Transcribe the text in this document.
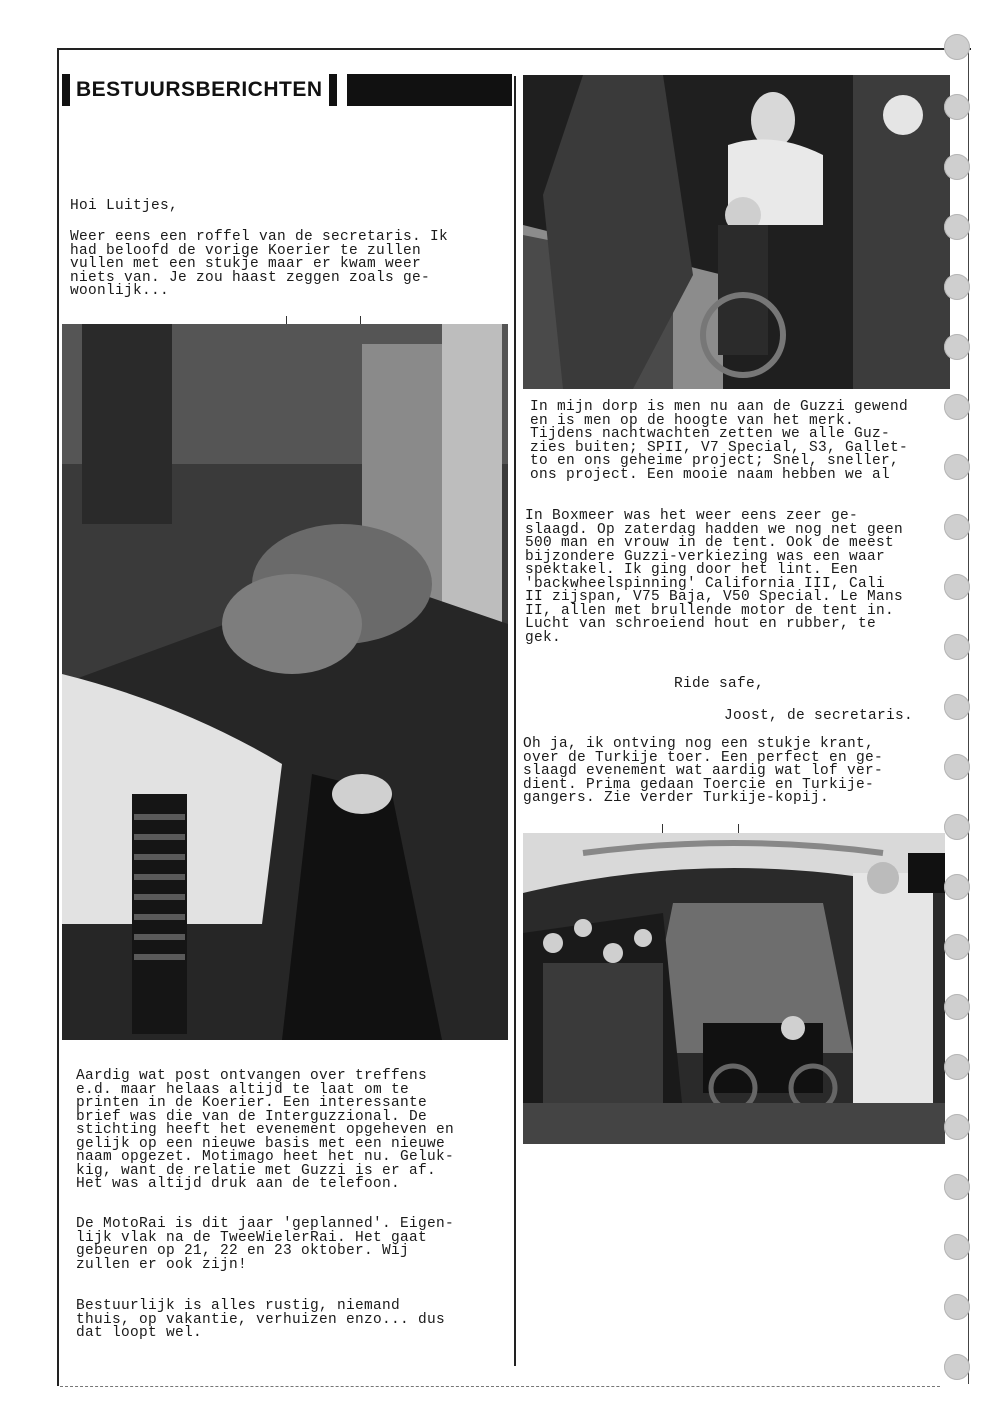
BESTUURSBERICHTEN

Hoi Luitjes,

Weer eens een roffel van de secretaris. Ik
had beloofd de vorige Koerier te zullen
vullen met een stukje maar er kwam weer
niets van. Je zou haast zeggen zoals ge-
woonlijk...

Aardig wat post ontvangen over treffens
e.d. maar helaas altijd te laat om te
printen in de Koerier. Een interessante
brief was die van de Interguzzional. De
stichting heeft het evenement opgeheven en
gelijk op een nieuwe basis met een nieuwe
naam opgezet. Motimago heet het nu. Geluk-
kig, want de relatie met Guzzi is er af.
Het was altijd druk aan de telefoon.

De MotoRai is dit jaar 'geplanned'. Eigen-
lijk vlak na de TweeWielerRai. Het gaat
gebeuren op 21, 22 en 23 oktober. Wij
zullen er ook zijn!

Bestuurlijk is alles rustig, niemand
thuis, op vakantie, verhuizen enzo... dus
dat loopt wel.

In mijn dorp is men nu aan de Guzzi gewend
en is men op de hoogte van het merk.
Tijdens nachtwachten zetten we alle Guz-
zies buiten; SPII, V7 Special, S3, Gallet-
to en ons geheime project; Snel, sneller,
ons project. Een mooie naam hebben we al

In Boxmeer was het weer eens zeer ge-
slaagd. Op zaterdag hadden we nog net geen
500 man en vrouw in de tent. Ook de meest
bijzondere Guzzi-verkiezing was een waar
spektakel. Ik ging door het lint. Een
'backwheelspinning' California III, Cali
II zijspan, V75 Baja, V50 Special. Le Mans
II, allen met brullende motor de tent in.
Lucht van schroeiend hout en rubber, te
gek.

Ride safe,

Joost, de secretaris.

Oh ja, ik ontving nog een stukje krant,
over de Turkije toer. Een perfect en ge-
slaagd evenement wat aardig wat lof ver-
dient. Prima gedaan Toercie en Turkije-
gangers. Zie verder Turkije-kopij.
